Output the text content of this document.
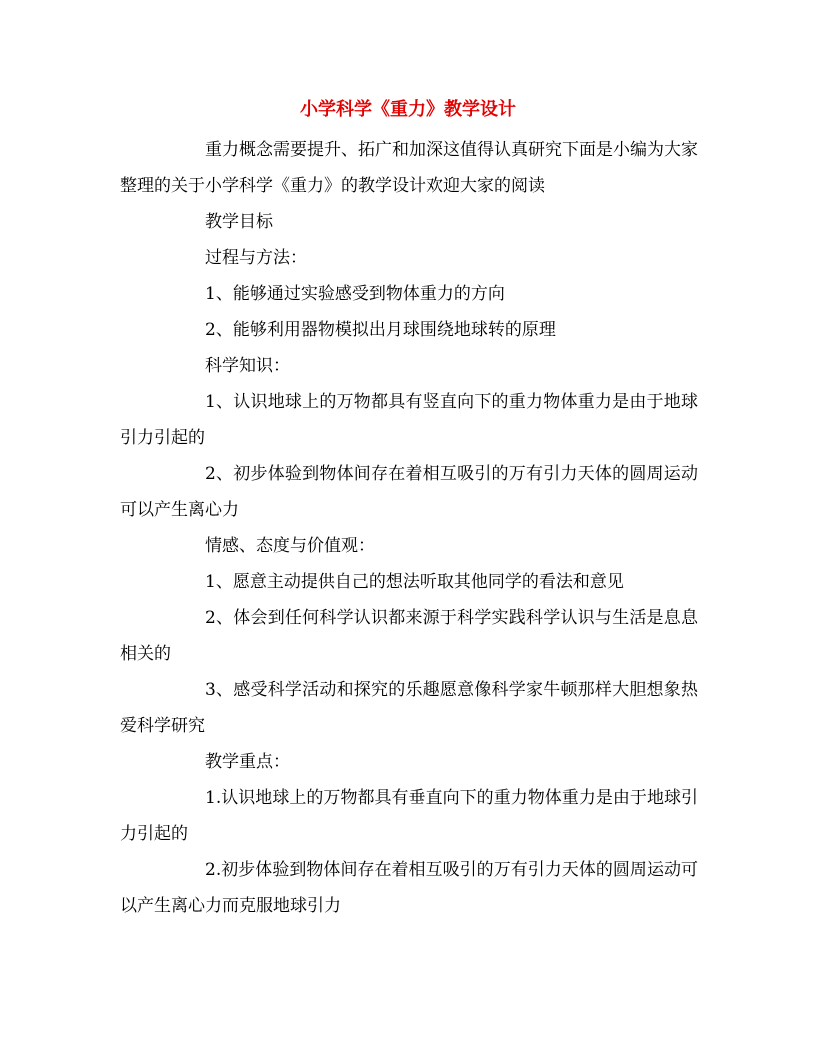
小学科学《重力》教学设计

重力概念需要提升、拓广和加深这值得认真研究下面是小编为大家整理的关于小学科学《重力》的教学设计欢迎大家的阅读

教学目标

过程与方法：

1、能够通过实验感受到物体重力的方向

2、能够利用器物模拟出月球围绕地球转的原理

科学知识：

1、认识地球上的万物都具有竖直向下的重力物体重力是由于地球引力引起的

2、初步体验到物体间存在着相互吸引的万有引力天体的圆周运动可以产生离心力

情感、态度与价值观：

1、愿意主动提供自己的想法听取其他同学的看法和意见

2、体会到任何科学认识都来源于科学实践科学认识与生活是息息相关的

3、感受科学活动和探究的乐趣愿意像科学家牛顿那样大胆想象热爱科学研究

教学重点：

1.认识地球上的万物都具有垂直向下的重力物体重力是由于地球引力引起的

2.初步体验到物体间存在着相互吸引的万有引力天体的圆周运动可以产生离心力而克服地球引力
